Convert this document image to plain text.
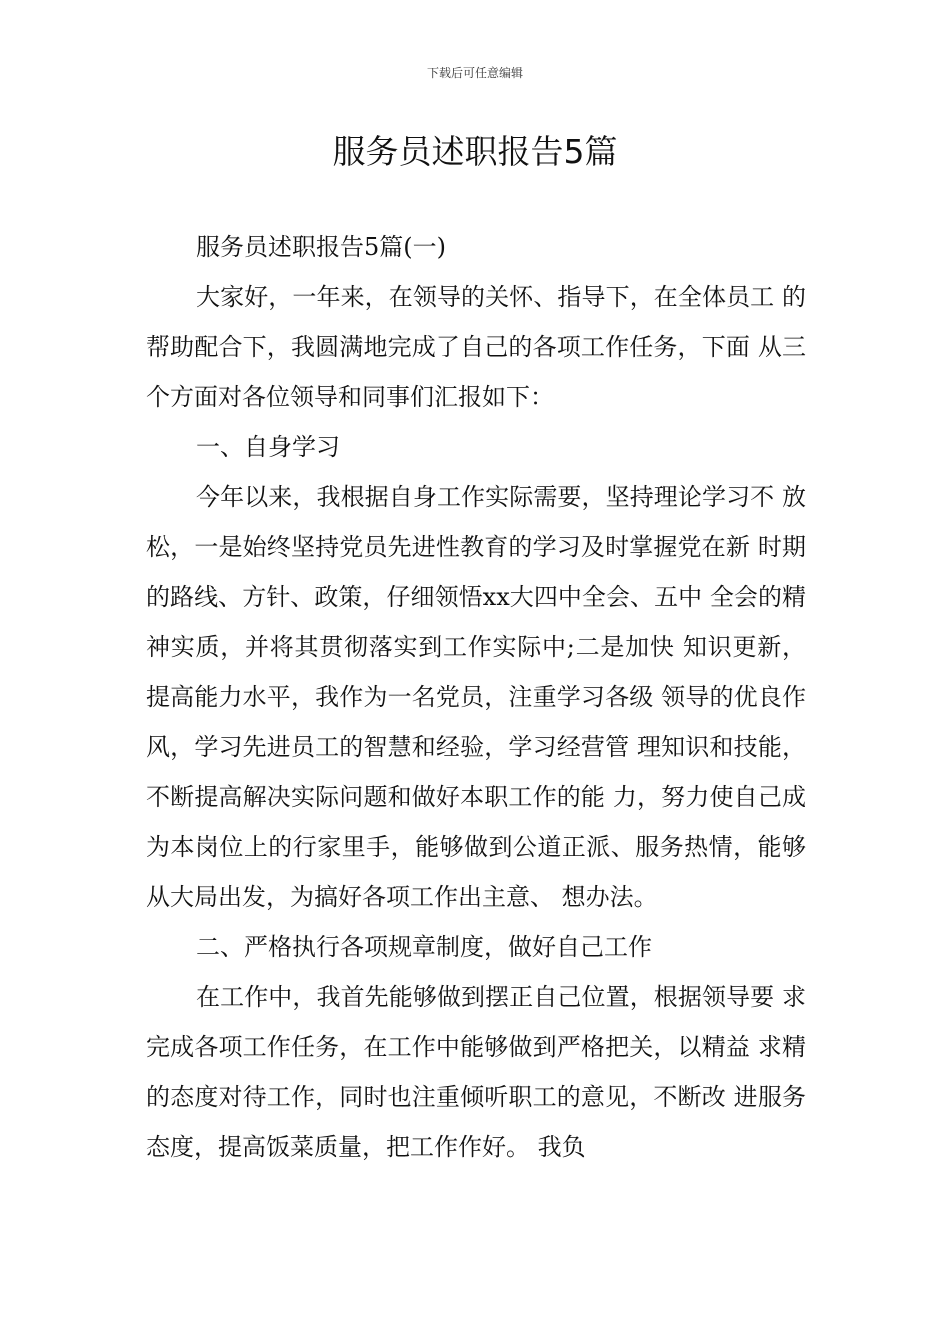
下载后可任意编辑
服务员述职报告5篇

服务员述职报告5篇(一)

大家好，一年来，在领导的关怀、指导下，在全体员工 的帮助配合下，我圆满地完成了自己的各项工作任务，下面 从三个方面对各位领导和同事们汇报如下：

一、自身学习

今年以来，我根据自身工作实际需要，坚持理论学习不 放松，一是始终坚持党员先进性教育的学习及时掌握党在新 时期的路线、方针、政策，仔细领悟xx大四中全会、五中 全会的精神实质，并将其贯彻落实到工作实际中;二是加快 知识更新，提高能力水平，我作为一名党员，注重学习各级 领导的优良作风，学习先进员工的智慧和经验，学习经营管 理知识和技能，不断提高解决实际问题和做好本职工作的能 力，努力使自己成为本岗位上的行家里手，能够做到公道正派、服务热情，能够从大局出发，为搞好各项工作出主意、 想办法。

二、严格执行各项规章制度，做好自己工作

在工作中，我首先能够做到摆正自己位置，根据领导要 求完成各项工作任务，在工作中能够做到严格把关，以精益 求精的态度对待工作，同时也注重倾听职工的意见，不断改 进服务态度，提高饭菜质量，把工作作好。 我负
